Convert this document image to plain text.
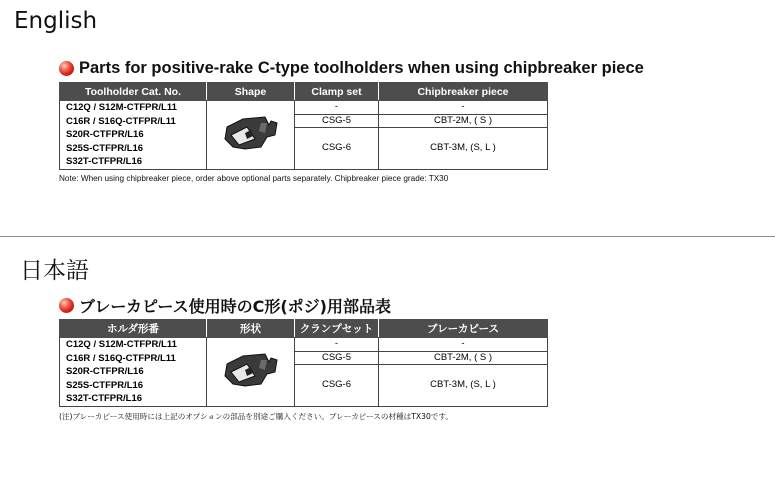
English
Parts for positive-rake C-type toolholders when using chipbreaker piece
Toolholder Cat. No.	Shape	Clamp set	Chipbreaker piece

C12Q / S12M-CTFPR/L11
C16R / S16Q-CTFPR/L11
S20R-CTFPR/L16
S25S-CTFPR/L16
S32T-CTFPR/L16		-	-
		CSG-5	CBT-2M, ( S )
		CSG-6	CBT-3M, (S, L )

Note: When using chipbreaker piece, order above optional parts separately. Chipbreaker piece grade: TX30
日本語
ブレーカピース使用時のC形(ポジ)用部品表
ホルダ形番	形状	クランプセット	ブレーカピース

C12Q / S12M-CTFPR/L11
C16R / S16Q-CTFPR/L11
S20R-CTFPR/L16
S25S-CTFPR/L16
S32T-CTFPR/L16		-	-
		CSG-5	CBT-2M, ( S )
		CSG-6	CBT-3M, (S, L )

(注)ブレーカピース使用時には上記のオプションの部品を別途ご購入ください。ブレーカピースの材種はTX30です。
